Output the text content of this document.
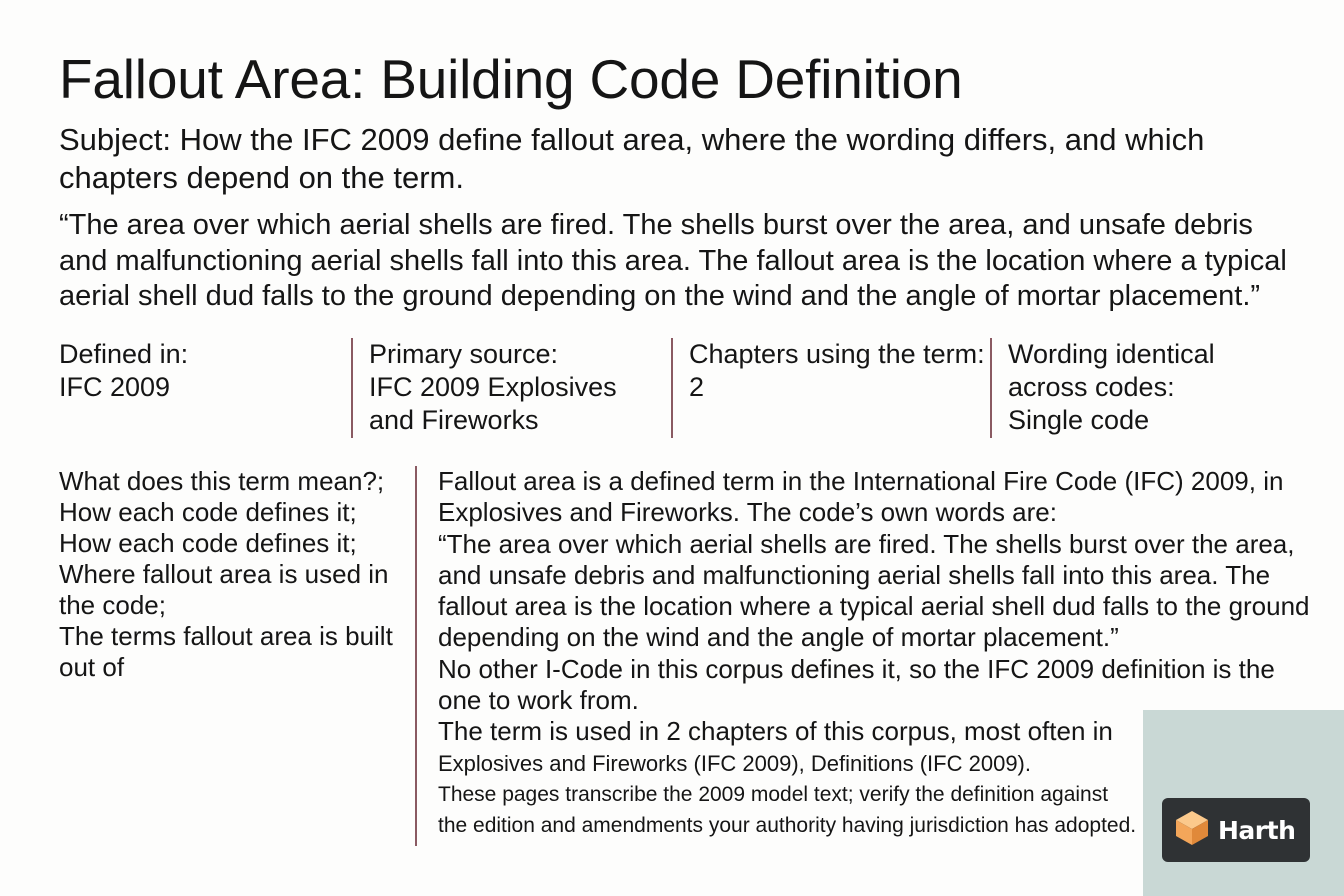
Fallout Area: Building Code Definition
Subject: How the IFC 2009 define fallout area, where the wording differs, and which chapters depend on the term.
“The area over which aerial shells are fired. The shells burst over the area, and unsafe debris and malfunctioning aerial shells fall into this area. The fallout area is the location where a typical aerial shell dud falls to the ground depending on the wind and the angle of mortar placement.”
Defined in:
IFC 2009
Primary source:
IFC 2009 Explosives and Fireworks
Chapters using the term:
2
Wording identical across codes:
Single code
What does this term mean?;
How each code defines it;
How each code defines it;
Where fallout area is used in the code;
The terms fallout area is built out of

Fallout area is a defined term in the International Fire Code (IFC) 2009, in Explosives and Fireworks. The code’s own words are:

“The area over which aerial shells are fired. The shells burst over the area, and unsafe debris and malfunctioning aerial shells fall into this area. The fallout area is the location where a typical aerial shell dud falls to the ground depending on the wind and the angle of mortar placement.”

No other I-Code in this corpus defines it, so the IFC 2009 definition is the one to work from.

The term is used in 2 chapters of this corpus, most often in

Explosives and Fireworks (IFC 2009), Definitions (IFC 2009).

These pages transcribe the 2009 model text; verify the definition against the edition and amendments your authority having jurisdiction has adopted.	Harth
